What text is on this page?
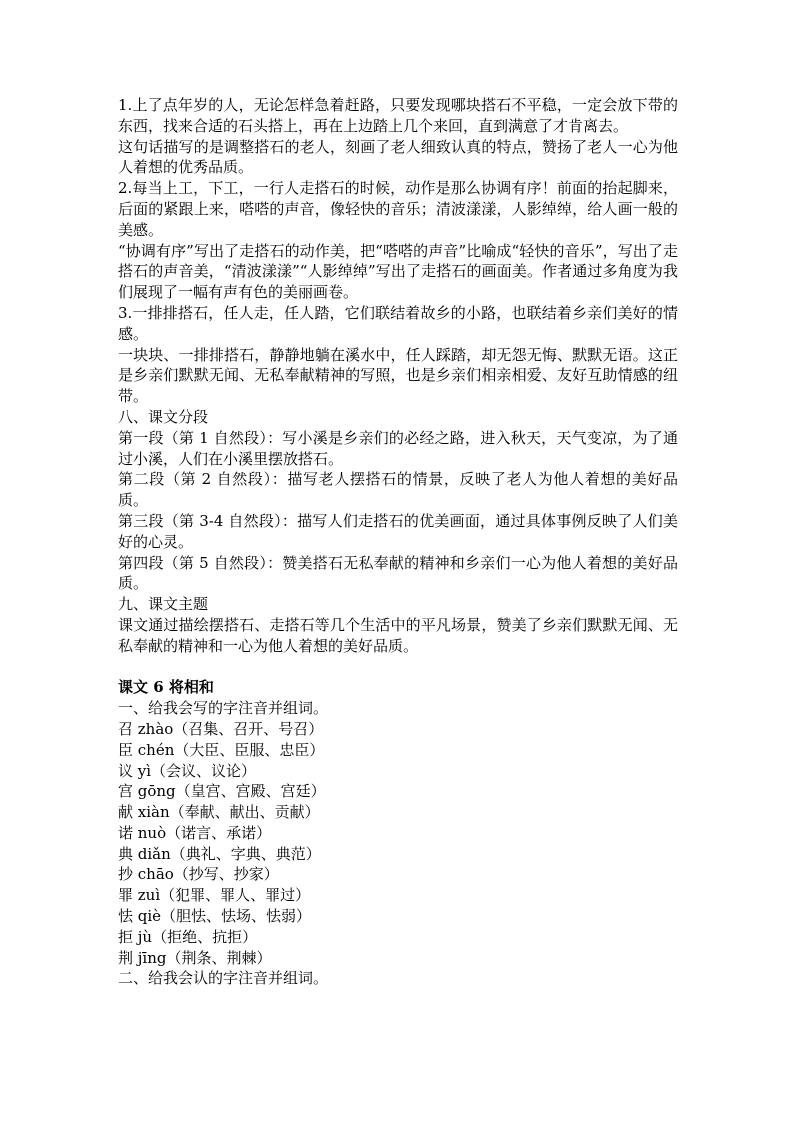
1.上了点年岁的人，无论怎样急着赶路，只要发现哪块搭石不平稳，一定会放下带的东西，找来合适的石头搭上，再在上边踏上几个来回，直到满意了才肯离去。

这句话描写的是调整搭石的老人，刻画了老人细致认真的特点，赞扬了老人一心为他人着想的优秀品质。

2.每当上工，下工，一行人走搭石的时候，动作是那么协调有序！前面的抬起脚来，后面的紧跟上来，嗒嗒的声音，像轻快的音乐；清波漾漾，人影绰绰，给人画一般的美感。

“协调有序”写出了走搭石的动作美，把“嗒嗒的声音”比喻成“轻快的音乐”，写出了走搭石的声音美，“清波漾漾”“人影绰绰”写出了走搭石的画面美。作者通过多角度为我们展现了一幅有声有色的美丽画卷。

3.一排排搭石，任人走，任人踏，它们联结着故乡的小路，也联结着乡亲们美好的情感。

一块块、一排排搭石，静静地躺在溪水中，任人踩踏，却无怨无悔、默默无语。这正是乡亲们默默无闻、无私奉献精神的写照，也是乡亲们相亲相爱、友好互助情感的纽带。

八、课文分段

第一段（第 1 自然段）：写小溪是乡亲们的必经之路，进入秋天，天气变凉，为了通过小溪，人们在小溪里摆放搭石。

第二段（第 2 自然段）：描写老人摆搭石的情景，反映了老人为他人着想的美好品质。

第三段（第 3-4 自然段）：描写人们走搭石的优美画面，通过具体事例反映了人们美好的心灵。

第四段（第 5 自然段）：赞美搭石无私奉献的精神和乡亲们一心为他人着想的美好品质。

九、课文主题

课文通过描绘摆搭石、走搭石等几个生活中的平凡场景，赞美了乡亲们默默无闻、无私奉献的精神和一心为他人着想的美好品质。

课文 6 将相和

一、给我会写的字注音并组词。

召 zhào（召集、召开、号召）

臣 chén（大臣、臣服、忠臣）

议 yì（会议、议论）

宫 gōng（皇宫、宫殿、宫廷）

献 xiàn（奉献、献出、贡献）

诺 nuò（诺言、承诺）

典 diǎn（典礼、字典、典范）

抄 chāo（抄写、抄家）

罪 zuì（犯罪、罪人、罪过）

怯 qiè（胆怯、怯场、怯弱）

拒 jù（拒绝、抗拒）

荆 jīng（荆条、荆棘）

二、给我会认的字注音并组词。
